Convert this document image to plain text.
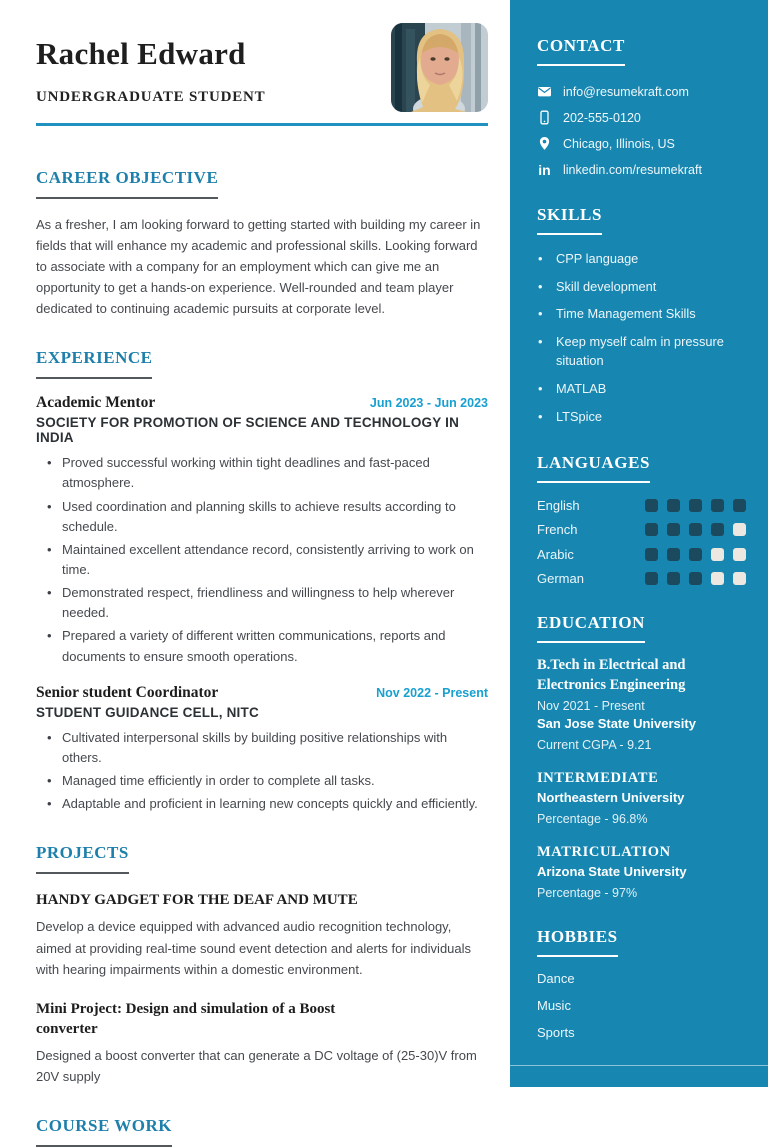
Rachel Edward
UNDERGRADUATE STUDENT
CAREER OBJECTIVE

As a fresher, I am looking forward to getting started with building my career in fields that will enhance my academic and professional skills. Looking forward to associate with a company for an employment which can give me an opportunity to get a hands-on experience. Well-rounded and team player dedicated to continuing academic pursuits at corporate level.

EXPERIENCE
Academic Mentor	Jun 2023 - Jun 2023
SOCIETY FOR PROMOTION OF SCIENCE AND TECHNOLOGY IN INDIA
• Proved successful working within tight deadlines and fast-paced atmosphere.
• Used coordination and planning skills to achieve results according to schedule.
• Maintained excellent attendance record, consistently arriving to work on time.
• Demonstrated respect, friendliness and willingness to help wherever needed.
• Prepared a variety of different written communications, reports and documents to ensure smooth operations.
Senior student Coordinator	Nov 2022 - Present
STUDENT GUIDANCE CELL, NITC
• Cultivated interpersonal skills by building positive relationships with others.
• Managed time efficiently in order to complete all tasks.
• Adaptable and proficient in learning new concepts quickly and efficiently.
PROJECTS
HANDY GADGET FOR THE DEAF AND MUTE

Develop a device equipped with advanced audio recognition technology, aimed at providing real-time sound event detection and alerts for individuals with hearing impairments within a domestic environment.

Mini Project: Design and simulation of a Boost converter

Designed a boost converter that can generate a DC voltage of (25-30)V from 20V supply

COURSE WORK
CONTACT
info@resumekraft.com
202-555-0120
Chicago, Illinois, US
in linkedin.com/resumekraft
SKILLS
• CPP language
• Skill development
• Time Management Skills
• Keep myself calm in pressure situation
• MATLAB
• LTSpice
LANGUAGES
English
French
Arabic
German
EDUCATION
B.Tech in Electrical and Electronics Engineering
Nov 2021 - Present
San Jose State University
Current CGPA - 9.21
INTERMEDIATE
Northeastern University
Percentage - 96.8%
MATRICULATION
Arizona State University
Percentage - 97%
HOBBIES
Dance
Music
Sports
